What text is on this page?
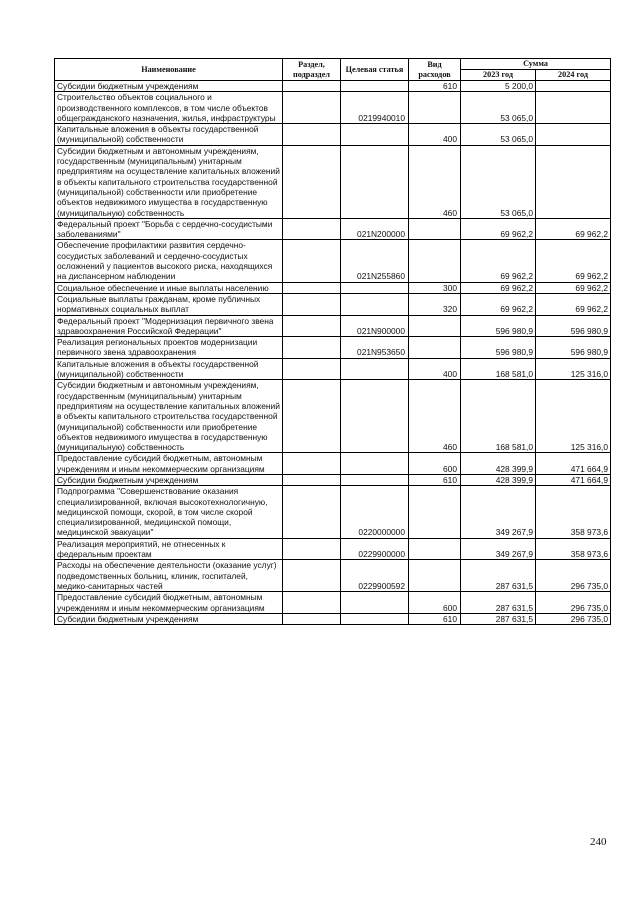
Наименование	Раздел, подраздел	Целевая статья	Вид расходов	Сумма	
				2023 год	2024 год
Субсидии бюджетным учреждениям			610	5 200,0	
Строительство объектов социального и производственного комплексов, в том числе объектов общегражданского назначения, жилья, инфраструктуры		0219940010		53 065,0	
Капитальные вложения в объекты государственной (муниципальной) собственности			400	53 065,0	
Субсидии бюджетным и автономным учреждениям, государственным (муниципальным) унитарным предприятиям на осуществление капитальных вложений в объекты капитального строительства государственной (муниципальной) собственности или приобретение объектов недвижимого имущества в государственную (муниципальную) собственность			460	53 065,0	
Федеральный проект "Борьба с сердечно-сосудистыми заболеваниями"		021N200000		69 962,2	69 962,2
Обеспечение профилактики развития сердечно-сосудистых заболеваний и сердечно-сосудистых осложнений у пациентов высокого риска, находящихся на диспансерном наблюдении		021N255860		69 962,2	69 962,2
Социальное обеспечение и иные выплаты населению			300	69 962,2	69 962,2
Социальные выплаты гражданам, кроме публичных нормативных социальных выплат			320	69 962,2	69 962,2
Федеральный проект "Модернизация первичного звена здравоохранения Российской Федерации"		021N900000		596 980,9	596 980,9
Реализация региональных проектов модернизации первичного звена здравоохранения		021N953650		596 980,9	596 980,9
Капитальные вложения в объекты государственной (муниципальной) собственности			400	168 581,0	125 316,0
Субсидии бюджетным и автономным учреждениям, государственным (муниципальным) унитарным предприятиям на осуществление капитальных вложений в объекты капитального строительства государственной (муниципальной) собственности или приобретение объектов недвижимого имущества в государственную (муниципальную) собственность			460	168 581,0	125 316,0
Предоставление субсидий бюджетным, автономным учреждениям и иным некоммерческим организациям			600	428 399,9	471 664,9
Субсидии бюджетным учреждениям			610	428 399,9	471 664,9
Подпрограмма "Совершенствование оказания специализированной, включая высокотехнологичную, медицинской помощи, скорой, в том числе скорой специализированной, медицинской помощи, медицинской эвакуации"		0220000000		349 267,9	358 973,6
Реализация мероприятий, не отнесенных к федеральным проектам		0229900000		349 267,9	358 973,6
Расходы на обеспечение деятельности (оказание услуг) подведомственных больниц, клиник, госпиталей, медико-санитарных частей		0229900592		287 631,5	296 735,0
Предоставление субсидий бюджетным, автономным учреждениям и иным некоммерческим организациям			600	287 631,5	296 735,0
Субсидии бюджетным учреждениям			610	287 631,5	296 735,0
240
